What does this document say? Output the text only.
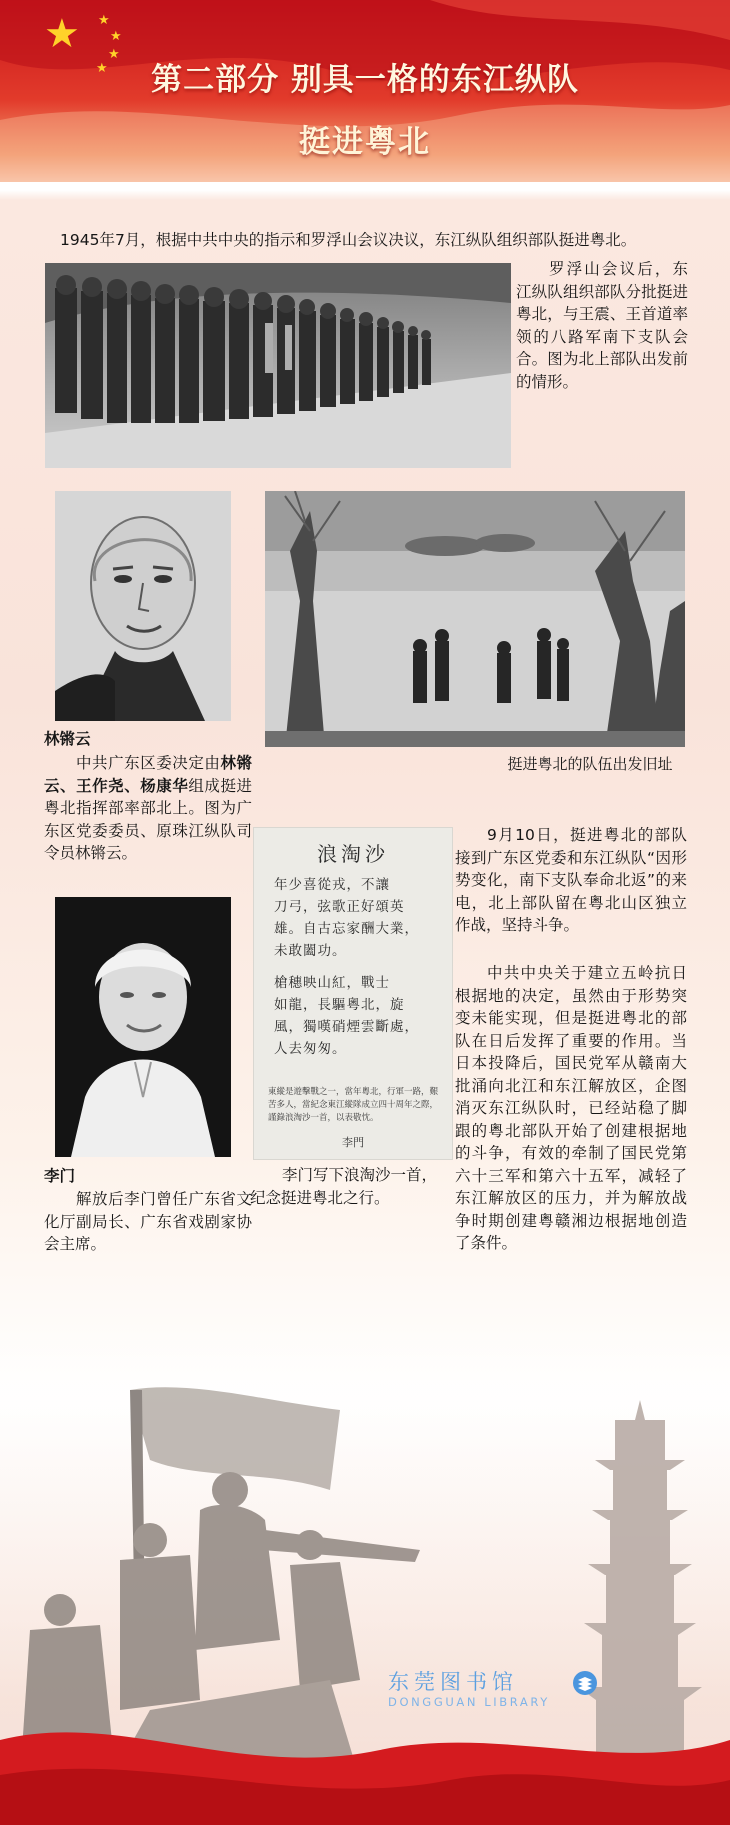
★ ★
★
★
★	第二部分 别具一格的东江纵队
挺进粤北
1945年7月，根据中共中央的指示和罗浮山会议决议，东江纵队组织部队挺进粤北。
罗浮山会议后，东江纵队组织部队分批挺进粤北，与王震、王首道率领的八路军南下支队会合。图为北上部队出发前的情形。
林锵云
中共广东区委决定由林锵云、王作尧、杨康华组成挺进粤北指挥部率部北上。图为广东区党委委员、原珠江纵队司令员林锵云。
挺进粤北的队伍出发旧址
浪淘沙
年少喜從戎，不讓
刀弓，弦歌正好頌英
雄。自古忘家酬大業，
未敢闔功。
槍穗映山紅，戰士
如龍，長驅粵北，旋
風，獨嘆硝煙雲斷處，
人去匆匆。
東縱是遊擊戰之一，當年粵北，行軍一路，艱苦多人，當紀念東江縱隊成立四十周年之際，謹錄浪淘沙一首，以表敬忱。
李門
9月10日，挺进粤北的部队接到广东区党委和东江纵队“因形势变化，南下支队奉命北返”的来电，北上部队留在粤北山区独立作战，坚持斗争。
中共中央关于建立五岭抗日根据地的决定，虽然由于形势突变未能实现，但是挺进粤北的部队在日后发挥了重要的作用。当日本投降后，国民党军从赣南大批涌向北江和东江解放区，企图消灭东江纵队时，已经站稳了脚跟的粤北部队开始了创建根据地的斗争，有效的牵制了国民党第六十三军和第六十五军，减轻了东江解放区的压力，并为解放战争时期创建粤赣湘边根据地创造了条件。
李门写下浪淘沙一首，纪念挺进粤北之行。
李门
解放后李门曾任广东省文化厅副局长、广东省戏剧家协会主席。
东莞图书馆
DONGGUAN LIBRARY
